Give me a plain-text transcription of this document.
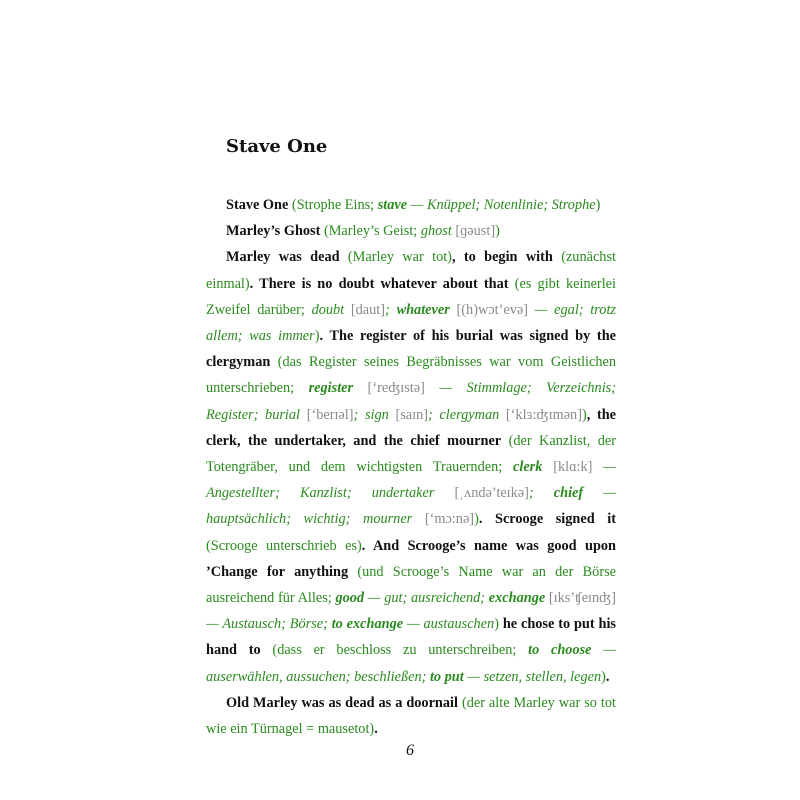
Stave One

Stave One (Strophe Eins; stave — Knüppel; Notenlinie; Strophe)

Marley’s Ghost (Marley’s Geist; ghost [ɡəust])

Marley was dead (Marley war tot), to begin with (zunächst einmal). There is no doubt whatever about that (es gibt keinerlei Zweifel darüber; doubt [daut]; whatever [(h)wɔt’evə] — egal; trotz allem; was immer). The register of his burial was signed by the clergyman (das Register seines Begräbnisses war vom Geistlichen unterschrieben; register [‘reʤɪstə] — Stimmlage; Verzeichnis; Register; burial [‘berɪəl]; sign [saɪn]; clergyman [‘klɜ:ʤɪmən]), the clerk, the undertaker, and the chief mourner (der Kanzlist, der Totengräber, und dem wichtigsten Trauernden; clerk [klɑ:k] — Angestellter; Kanzlist; undertaker [ˌʌndə’teɪkə]; chief — hauptsächlich; wichtig; mourner [‘mɔ:nə]). Scrooge signed it (Scrooge unterschrieb es). And Scrooge’s name was good upon ’Change for anything (und Scrooge’s Name war an der Börse ausreichend für Alles; good — gut; ausreichend; exchange [ɪks’ʧeɪnʤ] — Austausch; Börse; to exchange — austauschen) he chose to put his hand to (dass er beschloss zu unterschreiben; to choose — auserwählen, aussuchen; beschließen; to put — setzen, stellen, legen).

Old Marley was as dead as a doornail (der alte Marley war so tot wie ein Türnagel = mausetot).

6
